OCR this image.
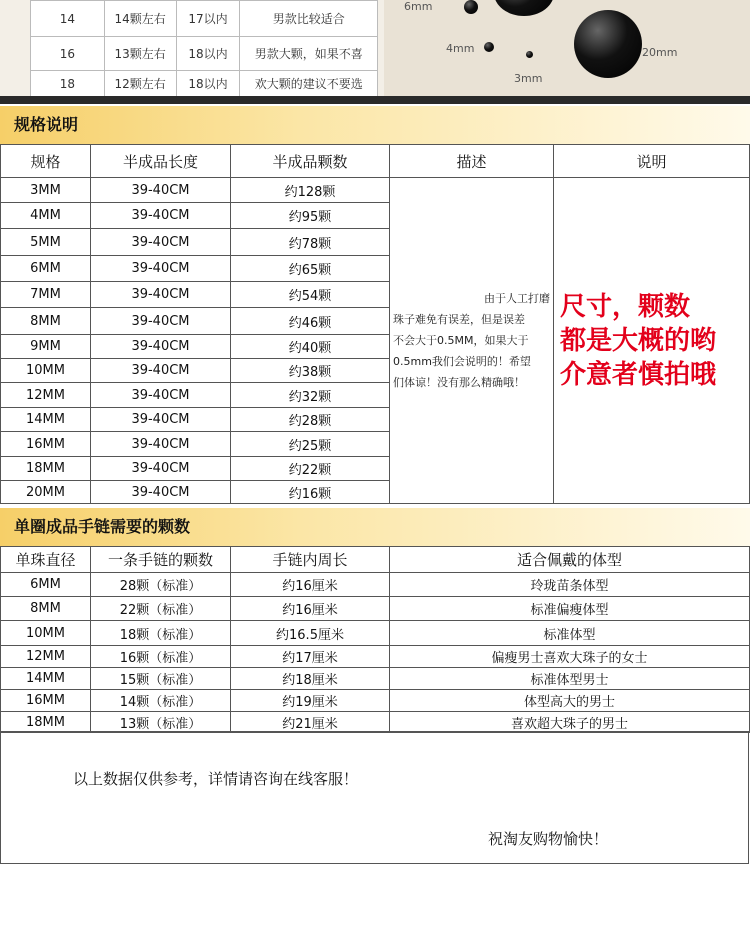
14	14颗左右	17以内	男款比较适合
16	13颗左右	18以内	男款大颗，如果不喜
18	12颗左右	18以内	欢大颗的建议不要选
6mm
4mm
3mm
20mm
规格说明
规格	半成品长度	半成品颗数	描述	说明
3MM	39-40CM	约128颗	由于人工打磨
珠子难免有误差，但是误差
不会大于0.5MM，如果大于
0.5mm我们会说明的！希望
们体谅！没有那么精确哦！	尺寸，颗数
都是大概的哟
介意者慎拍哦

4MM	39-40CM	约95颗		
5MM	39-40CM	约78颗		
6MM	39-40CM	约65颗		
7MM	39-40CM	约54颗		
8MM	39-40CM	约46颗		
9MM	39-40CM	约40颗		
10MM	39-40CM	约38颗		
12MM	39-40CM	约32颗		
14MM	39-40CM	约28颗		
16MM	39-40CM	约25颗		
18MM	39-40CM	约22颗		
20MM	39-40CM	约16颗		
单圈成品手链需要的颗数
单珠直径	一条手链的颗数	手链内周长	适合佩戴的体型
6MM	28颗（标准）	约16厘米	玲珑苗条体型
8MM	22颗（标准）	约16厘米	标准偏瘦体型
10MM	18颗（标准）	约16.5厘米	标准体型
12MM	16颗（标准）	约17厘米	偏瘦男士喜欢大珠子的女士
14MM	15颗（标准）	约18厘米	标准体型男士
16MM	14颗（标准）	约19厘米	体型高大的男士
18MM	13颗（标准）	约21厘米	喜欢超大珠子的男士
以上数据仅供参考，详情请咨询在线客服！
祝淘友购物愉快！
